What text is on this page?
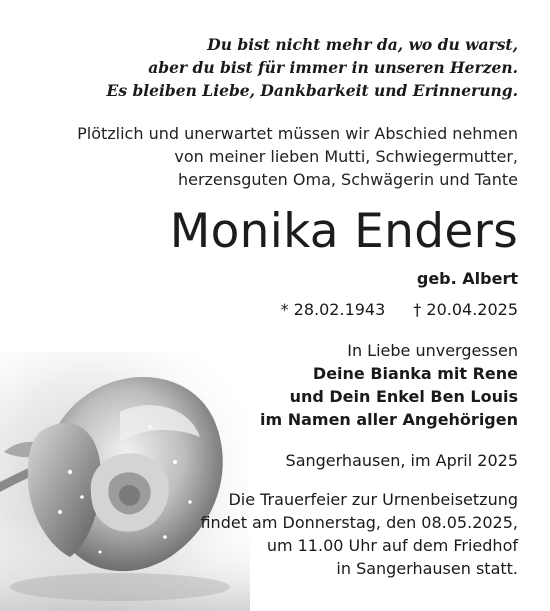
Du bist nicht mehr da, wo du warst,
aber du bist für immer in unseren Herzen.
Es bleiben Liebe, Dankbarkeit und Erinnerung.
Plötzlich und unerwartet müssen wir Abschied nehmen
von meiner lieben Mutti, Schwiegermutter,
herzensguten Oma, Schwägerin und Tante
Monika Enders
geb. Albert
* 28.02.1943 † 20.04.2025
In Liebe unvergessen
Deine Bianka mit Rene
und Dein Enkel Ben Louis
im Namen aller Angehörigen
Sangerhausen, im April 2025
Die Trauerfeier zur Urnenbeisetzung
findet am Donnerstag, den 08.05.2025,
um 11.00 Uhr auf dem Friedhof
in Sangerhausen statt.
